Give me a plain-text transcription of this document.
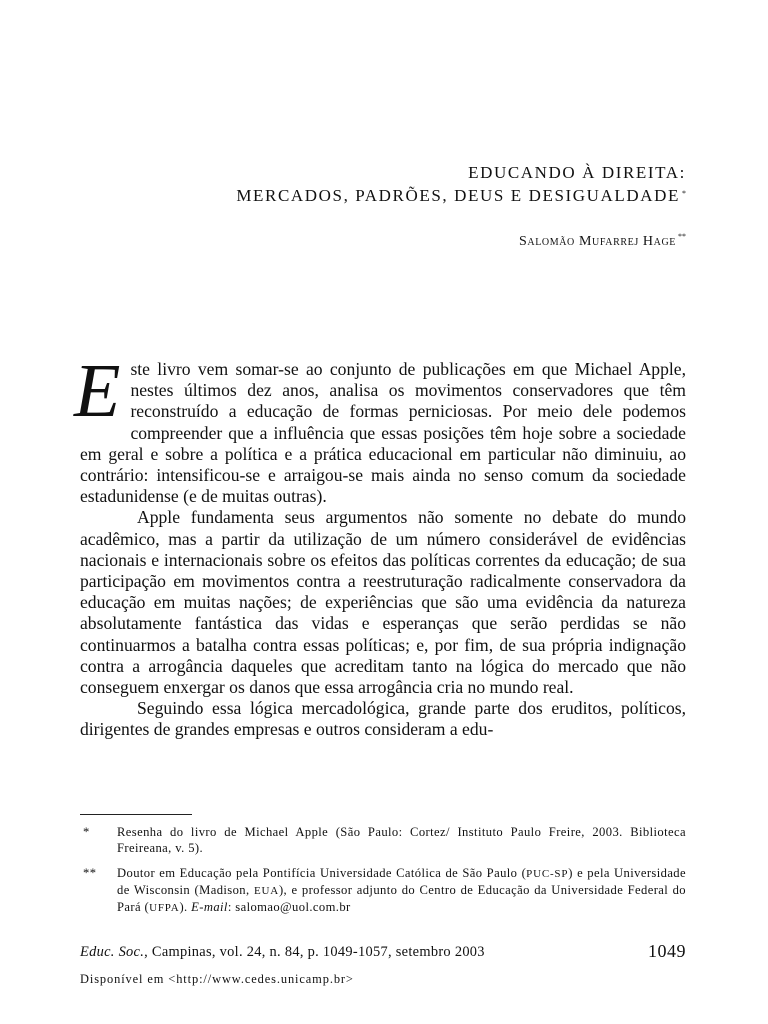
EDUCANDO À DIREITA:
MERCADOS, PADRÕES, DEUS E DESIGUALDADE *
Salomão Mufarrej Hage **

Este livro vem somar-se ao conjunto de publicações em que Michael Apple, nestes últimos dez anos, analisa os movimentos conservadores que têm reconstruído a educação de formas perniciosas. Por meio dele podemos compreender que a influência que essas posições têm hoje sobre a sociedade em geral e sobre a política e a prática educacional em particular não diminuiu, ao contrário: intensificou-se e arraigou-se mais ainda no senso comum da sociedade estadunidense (e de muitas outras).

Apple fundamenta seus argumentos não somente no debate do mundo acadêmico, mas a partir da utilização de um número considerável de evidências nacionais e internacionais sobre os efeitos das políticas correntes da educação; de sua participação em movimentos contra a reestruturação radicalmente conservadora da educação em muitas nações; de experiências que são uma evidência da natureza absolutamente fantástica das vidas e esperanças que serão perdidas se não continuarmos a batalha contra essas políticas; e, por fim, de sua própria indignação contra a arrogância daqueles que acreditam tanto na lógica do mercado que não conseguem enxergar os danos que essa arrogância cria no mundo real.

Seguindo essa lógica mercadológica, grande parte dos eruditos, políticos, dirigentes de grandes empresas e outros consideram a edu-

* Resenha do livro de Michael Apple (São Paulo: Cortez/ Instituto Paulo Freire, 2003. Biblioteca Freireana, v. 5).
** Doutor em Educação pela Pontifícia Universidade Católica de São Paulo (PUC-SP) e pela Universidade de Wisconsin (Madison, EUA), e professor adjunto do Centro de Educação da Universidade Federal do Pará (UFPA). E-mail: salomao@uol.com.br
Educ. Soc., Campinas, vol. 24, n. 84, p. 1049-1057, setembro 2003	1049
Disponível em <http://www.cedes.unicamp.br>
